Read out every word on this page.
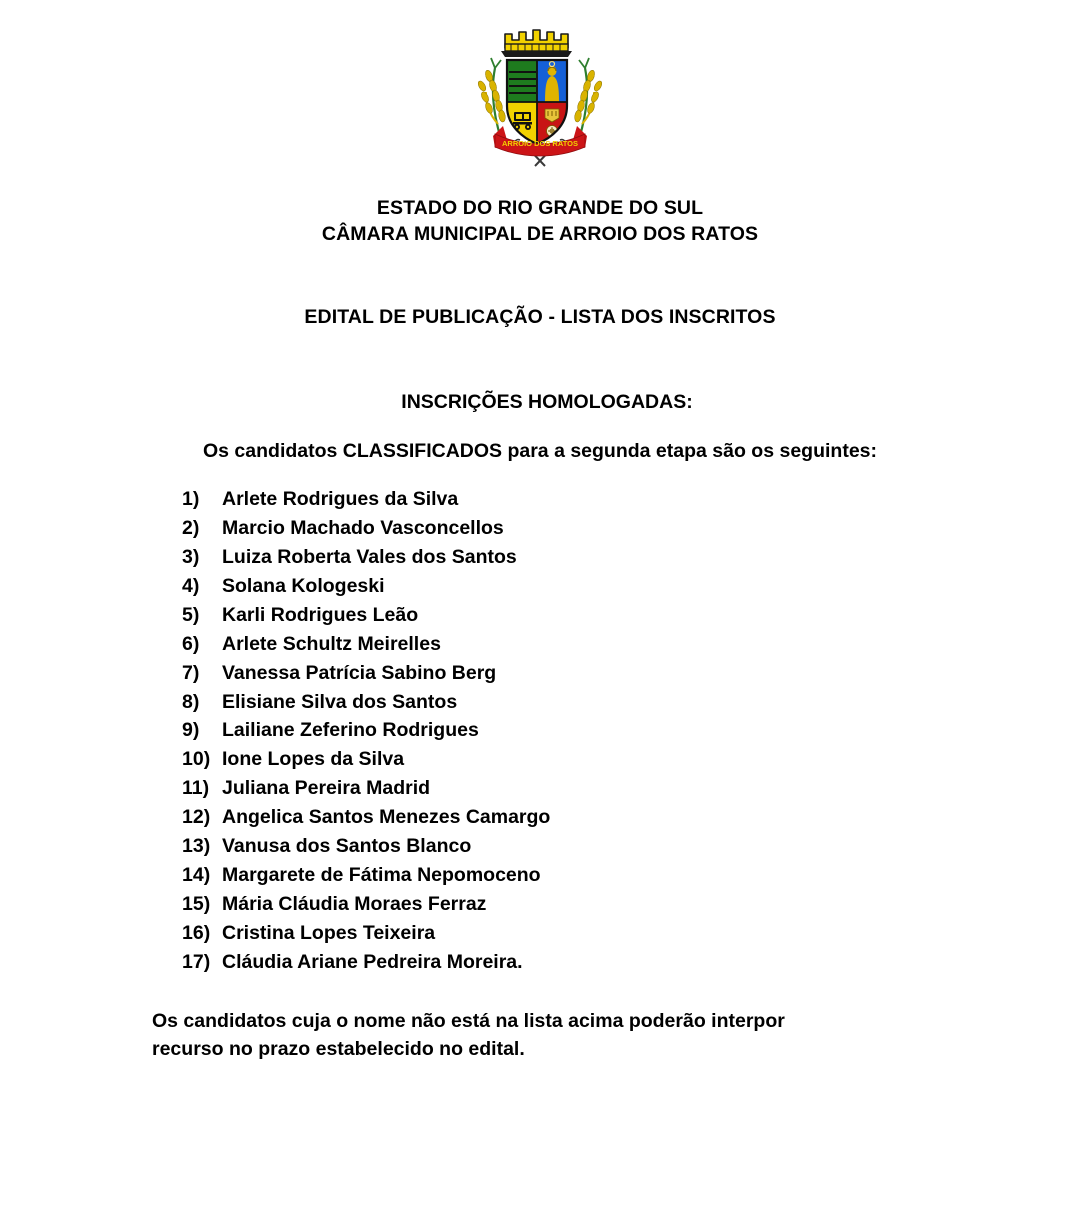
ARROIO DOS RATOS
ESTADO DO RIO GRANDE DO SUL
CÂMARA MUNICIPAL DE ARROIO DOS RATOS
EDITAL DE PUBLICAÇÃO - LISTA DOS INSCRITOS
INSCRIÇÕES HOMOLOGADAS:

Os candidatos CLASSIFICADOS para a segunda etapa são os seguintes:

1)	Arlete Rodrigues da Silva
2)	Marcio Machado Vasconcellos
3)	Luiza Roberta Vales dos Santos
4)	Solana Kologeski
5)	Karli Rodrigues Leão
6)	Arlete Schultz Meirelles
7)	Vanessa Patrícia Sabino Berg
8)	Elisiane Silva dos Santos
9)	Lailiane Zeferino Rodrigues
10) Ione Lopes da Silva
11) Juliana Pereira Madrid
12) Angelica Santos Menezes Camargo
13) Vanusa dos Santos Blanco
14) Margarete de Fátima Nepomoceno
15) Mária Cláudia Moraes Ferraz
16) Cristina Lopes Teixeira
17) Cláudia Ariane Pedreira Moreira.

Os candidatos cuja o nome não está na lista acima poderão interpor
recurso no prazo estabelecido no edital.
